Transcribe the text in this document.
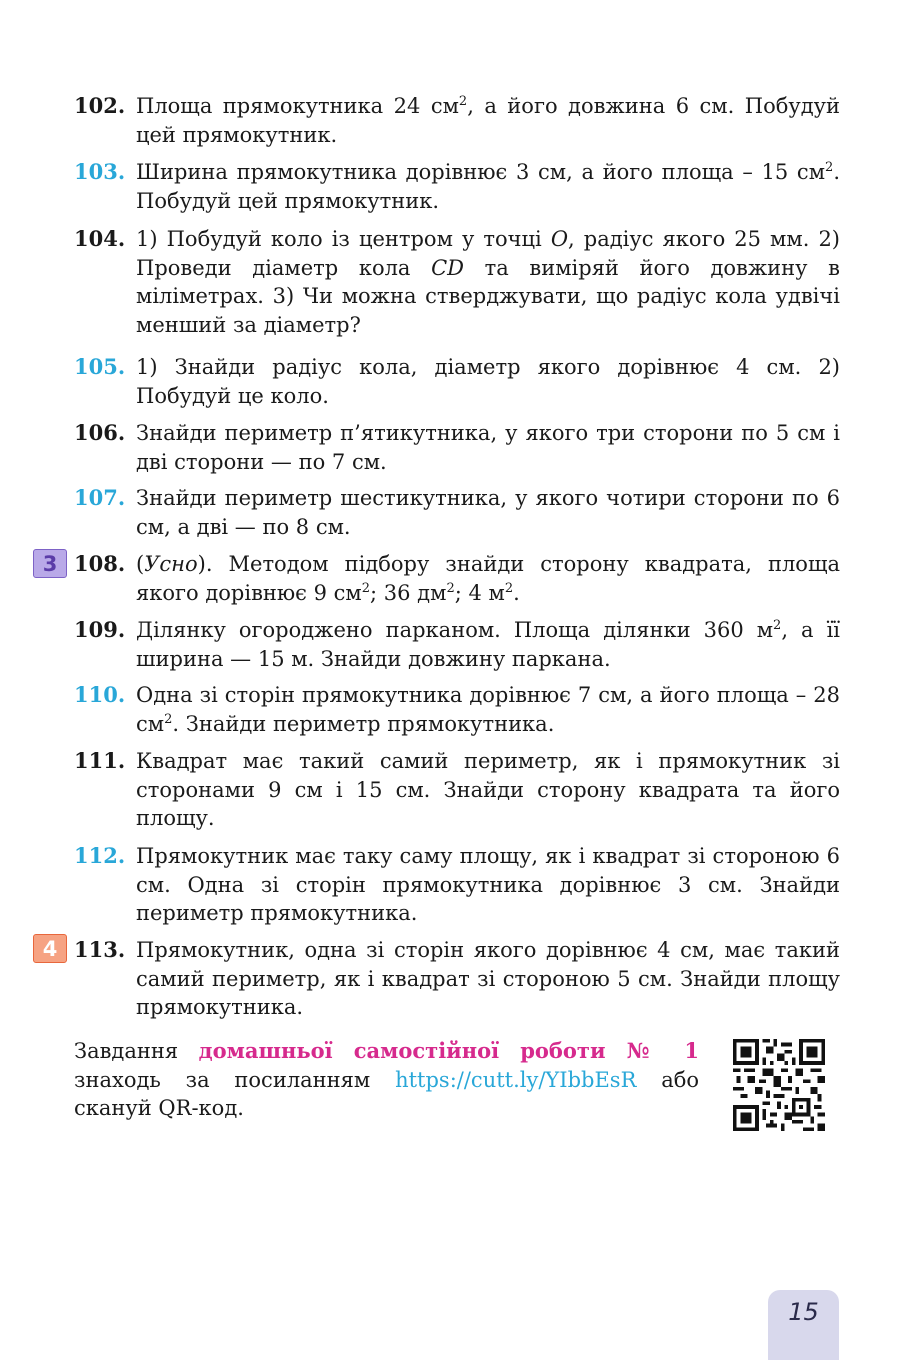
102. Площа прямокутника 24 $см^2$, а його довжина 6 см. Побудуй цей прямокутник.
103. Ширина прямокутника дорівнює 3 см, а його площа – 15 $см^2$. Побудуй цей прямокутник.
104. 1) Побудуй коло із центром у точці O, радіус якого 25 мм. 2) Проведи діаметр кола CD та виміряй його довжину в міліметрах. 3) Чи можна стверджувати, що радіус кола удвічі менший за діаметр?
105. 1) Знайди радіус кола, діаметр якого дорівнює 4 см. 2) Побудуй це коло.
106. Знайди периметр п’ятикутника, у якого три сторони по 5 см і дві сторони — по 7 см.
107. Знайди периметр шестикутника, у якого чотири сторони по 6 см, а дві — по 8 см.
3 108. (Усно). Методом підбору знайди сторону квадрата, площа якого дорівнює 9 $см^2$; 36 $дм^2$; 4 $м^2$.
109. Ділянку огороджено парканом. Площа ділянки 360 $м^2$, а її ширина — 15 м. Знайди довжину паркана.
110. Одна зі сторін прямокутника дорівнює 7 см, а його площа – 28 $см^2$. Знайди периметр прямокутника.
111. Квадрат має такий самий периметр, як і прямокутник зі сторонами 9 см і 15 см. Знайди сторону квадрата та його площу.
112. Прямокутник має таку саму площу, як і квадрат зі стороною 6 см. Одна зі сторін прямокутника дорівнює 3 см. Знайди периметр прямокутника.
4 113. Прямокутник, одна зі сторін якого дорівнює 4 см, має такий самий периметр, як і квадрат зі стороною 5 см. Знайди площу прямокутника.
Завдання домашньої самостійної роботи № 1 знаходь за посиланням https://cutt.ly/YIbbEsR або скануй QR-код.
15
